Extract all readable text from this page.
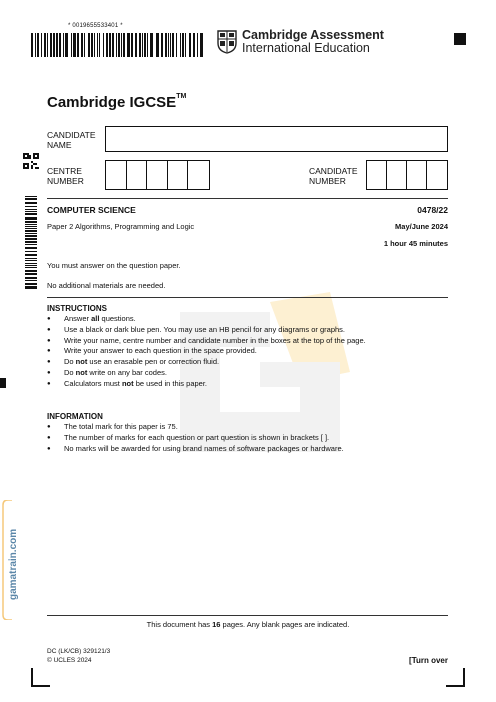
gamatrain.com
* 0019655533401 *
Cambridge Assessment
International Education
Cambridge IGCSE™
CANDIDATE
NAME
CENTRE
NUMBER
CANDIDATE
NUMBER
COMPUTER SCIENCE	0478/22
Paper 2 Algorithms, Programming and Logic	May/June 2024
1 hour 45 minutes
You must answer on the question paper.
No additional materials are needed.
INSTRUCTIONS
● Answer all questions.
● Use a black or dark blue pen. You may use an HB pencil for any diagrams or graphs.
● Write your name, centre number and candidate number in the boxes at the top of the page.
● Write your answer to each question in the space provided.
● Do not use an erasable pen or correction fluid.
● Do not write on any bar codes.
● Calculators must not be used in this paper.
INFORMATION
● The total mark for this paper is 75.
● The number of marks for each question or part question is shown in brackets [ ].
● No marks will be awarded for using brand names of software packages or hardware.
This document has 16 pages. Any blank pages are indicated.
DC (LK/CB) 329121/3
© UCLES 2024	[Turn over
